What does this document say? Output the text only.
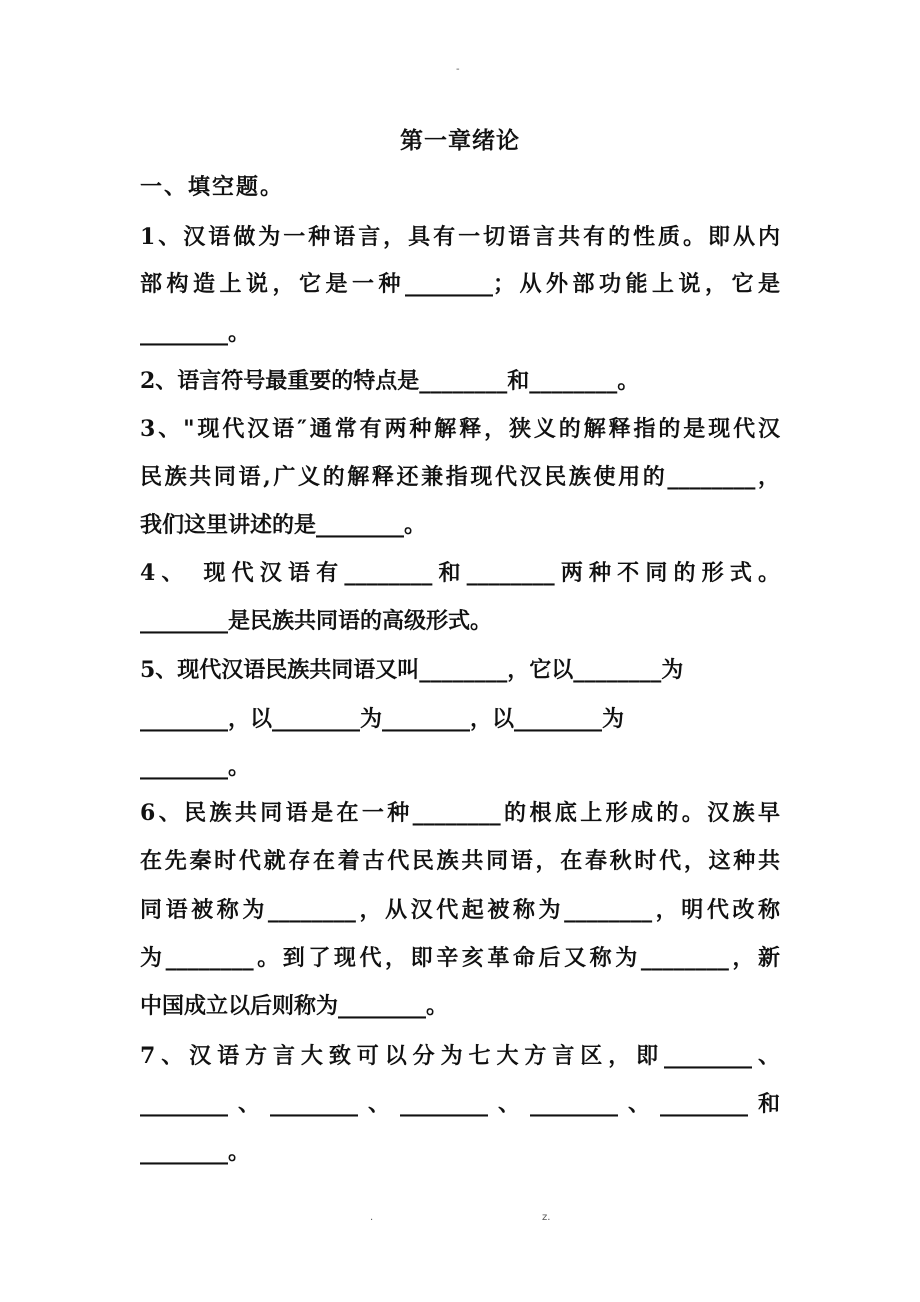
-
第一章绪论
一、填空题。
1、汉语做为一种语言，具有一切语言共有的性质。即从内
部构造上说，它是一种________；从外部功能上说，它是
________。
2、语言符号最重要的特点是________和________。
3、"现代汉语″通常有两种解释，狭义的解释指的是现代汉
民族共同语,广义的解释还兼指现代汉民族使用的________，
我们这里讲述的是________。
4、 现代汉语有________和________两种不同的形式。
________是民族共同语的高级形式。
5、现代汉语民族共同语又叫________，它以________为
________，以________为________，以________为
________。
6、民族共同语是在一种________的根底上形成的。汉族早
在先秦时代就存在着古代民族共同语，在春秋时代，这种共
同语被称为________，从汉代起被称为________，明代改称
为________。到了现代，即辛亥革命后又称为________，新
中国成立以后则称为________。
7、汉语方言大致可以分为七大方言区，即________、
________、________、________、________、________和
________。
.	z.
